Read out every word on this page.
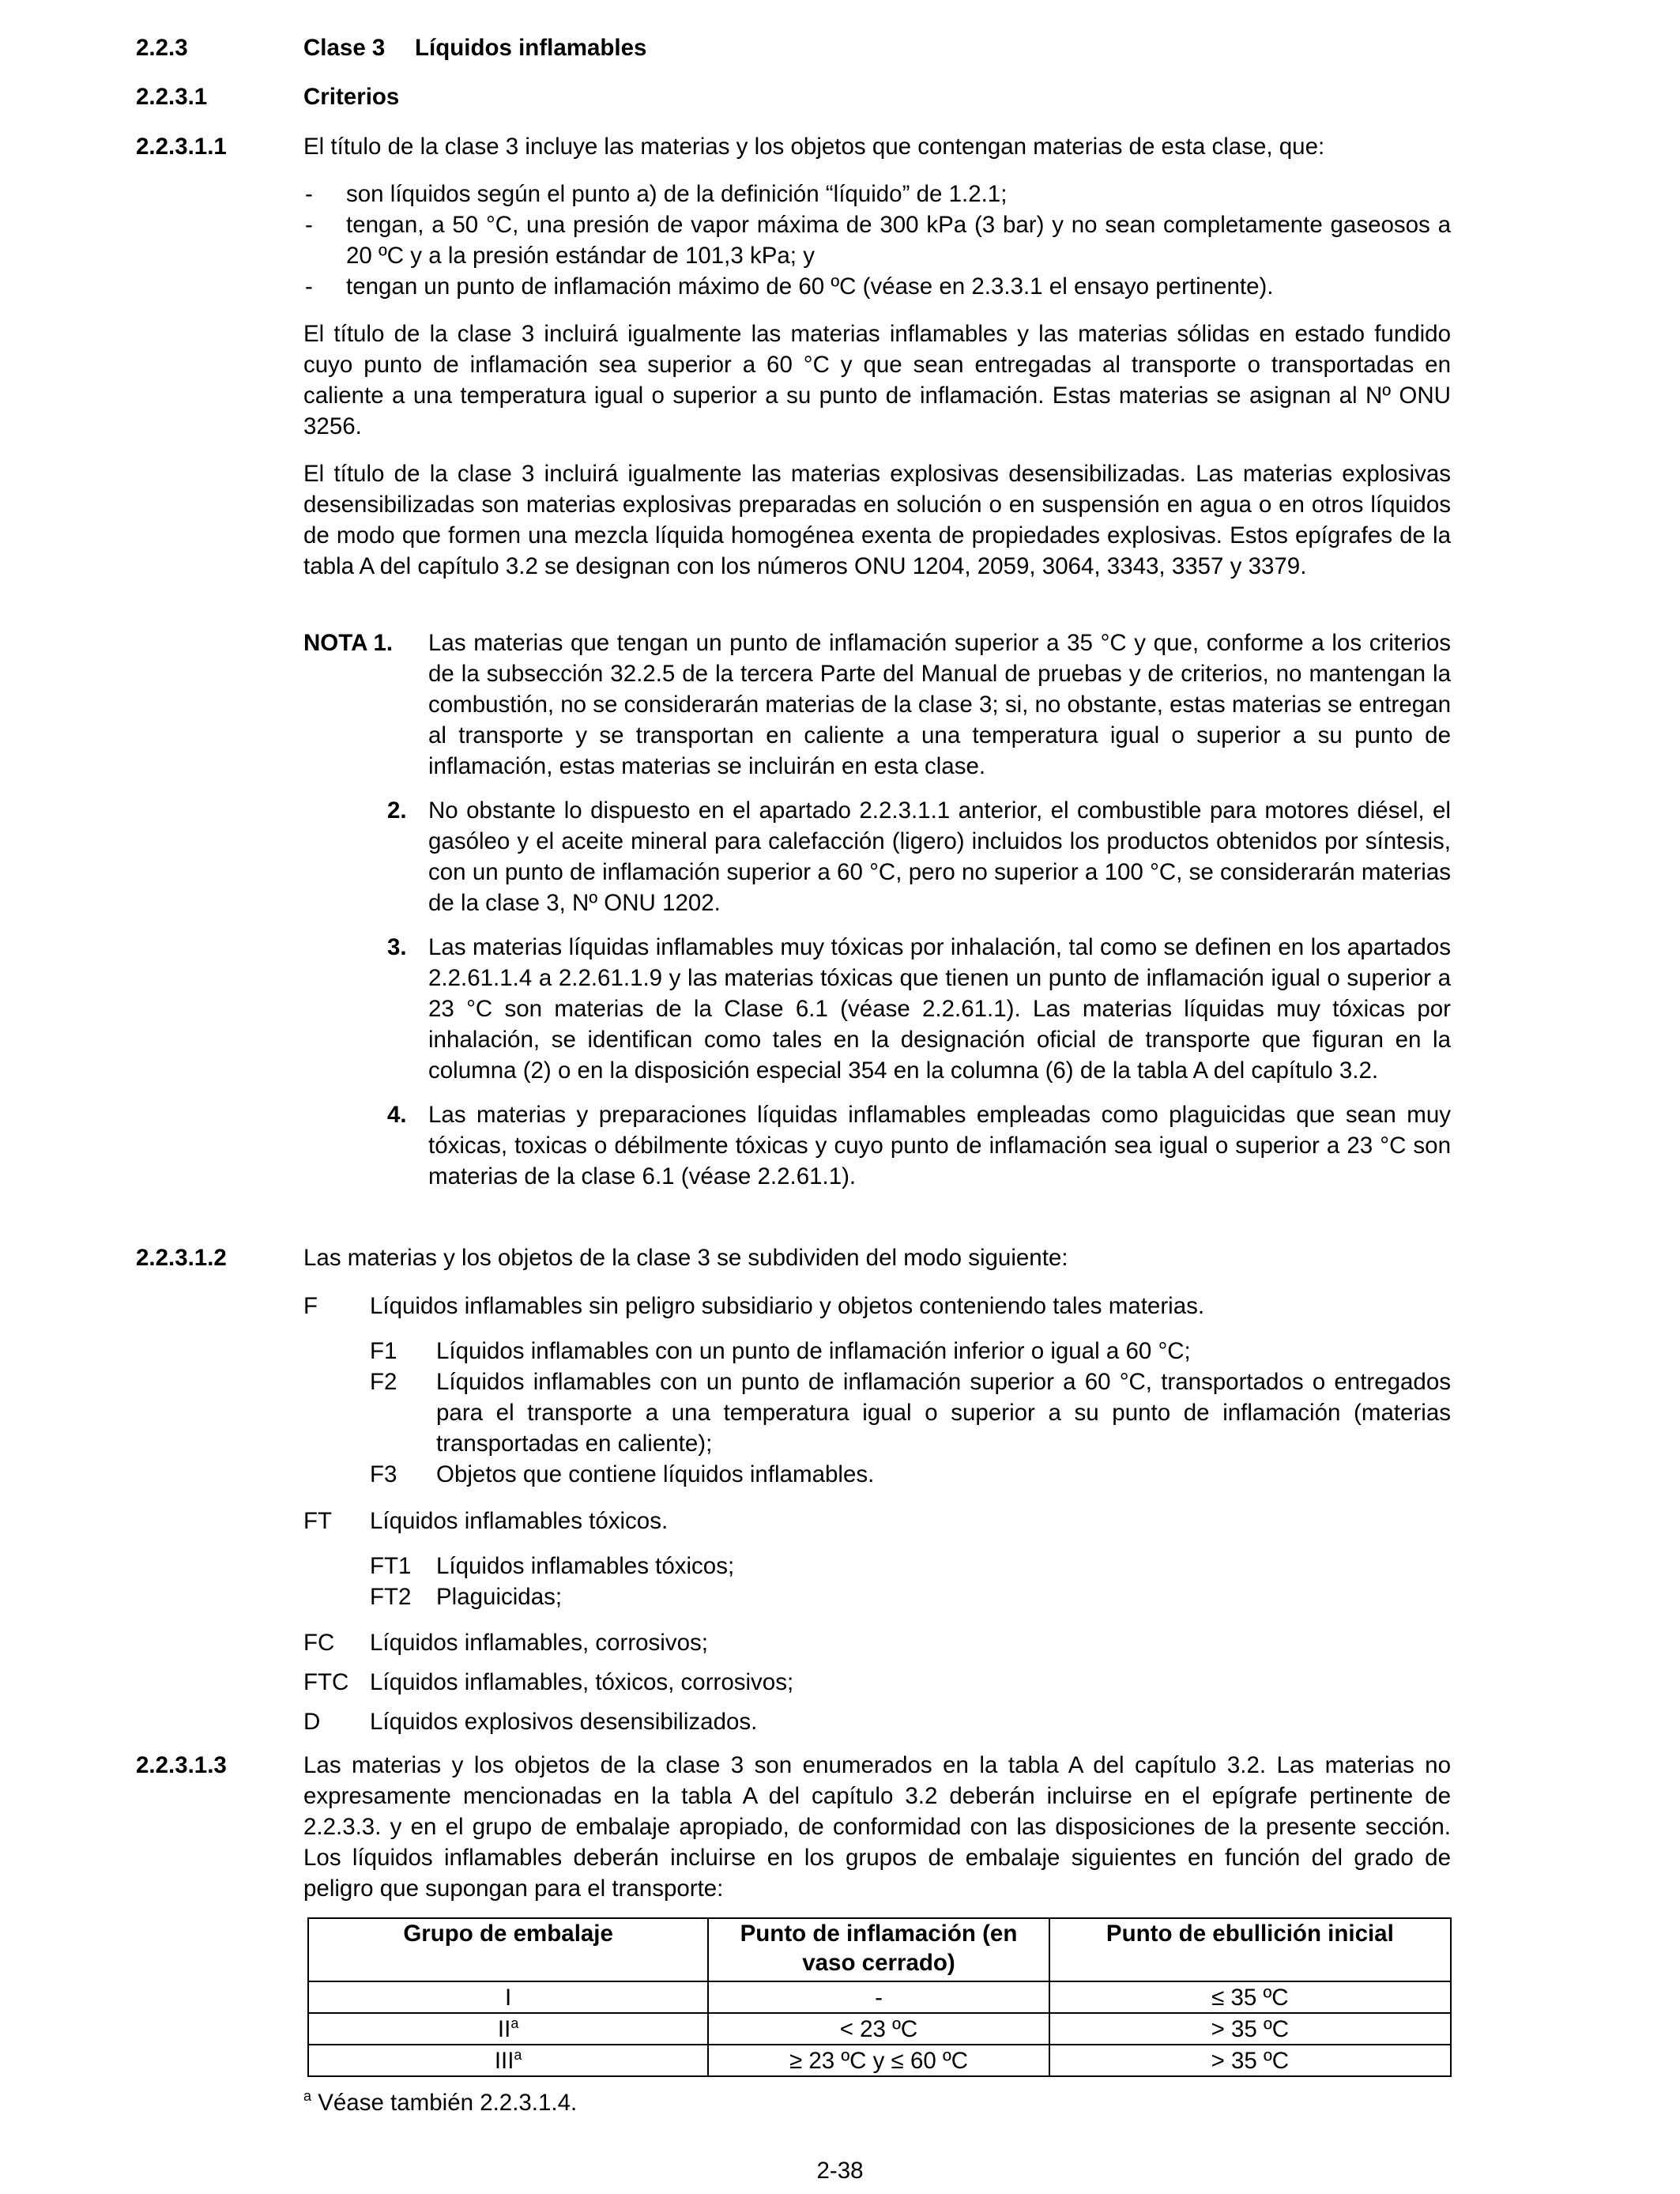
2.2.3	Clase 3  Líquidos inflamables
2.2.3.1	Criterios
2.2.3.1.1	El título de la clase 3 incluye las materias y los objetos que contengan materias de esta clase, que:
- son líquidos según el punto a) de la definición “líquido” de 1.2.1;
- tengan, a 50 °C, una presión de vapor máxima de 300 kPa (3 bar) y no sean completamente gaseosos a 20 ºC y a la presión estándar de 101,3 kPa; y
- tengan un punto de inflamación máximo de 60 ºC (véase en 2.3.3.1 el ensayo pertinente).
El título de la clase 3 incluirá igualmente las materias inflamables y las materias sólidas en estado fundido cuyo punto de inflamación sea superior a 60 °C y que sean entregadas al transporte o transportadas en caliente a una temperatura igual o superior a su punto de inflamación. Estas materias se asignan al Nº ONU 3256.
El título de la clase 3 incluirá igualmente las materias explosivas desensibilizadas. Las materias explosivas desensibilizadas son materias explosivas preparadas en solución o en suspensión en agua o en otros líquidos de modo que formen una mezcla líquida homogénea exenta de propiedades explosivas. Estos epígrafes de la tabla A del capítulo 3.2 se designan con los números ONU 1204, 2059, 3064, 3343, 3357 y 3379.
NOTA 1. Las materias que tengan un punto de inflamación superior a 35 °C y que, conforme a los criterios de la subsección 32.2.5 de la tercera Parte del Manual de pruebas y de criterios, no mantengan la combustión, no se considerarán materias de la clase 3; si, no obstante, estas materias se entregan al transporte y se transportan en caliente a una temperatura igual o superior a su punto de inflamación, estas materias se incluirán en esta clase.
2. No obstante lo dispuesto en el apartado 2.2.3.1.1 anterior, el combustible para motores diésel, el gasóleo y el aceite mineral para calefacción (ligero) incluidos los productos obtenidos por síntesis, con un punto de inflamación superior a 60 °C, pero no superior a 100 °C, se considerarán materias de la clase 3, Nº ONU 1202.
3. Las materias líquidas inflamables muy tóxicas por inhalación, tal como se definen en los apartados 2.2.61.1.4 a 2.2.61.1.9 y las materias tóxicas que tienen un punto de inflamación igual o superior a 23 °C son materias de la Clase 6.1 (véase 2.2.61.1). Las materias líquidas muy tóxicas por inhalación, se identifican como tales en la designación oficial de transporte que figuran en la columna (2) o en la disposición especial 354 en la columna (6) de la tabla A del capítulo 3.2.
4. Las materias y preparaciones líquidas inflamables empleadas como plaguicidas que sean muy tóxicas, toxicas o débilmente tóxicas y cuyo punto de inflamación sea igual o superior a 23 °C son materias de la clase 6.1 (véase 2.2.61.1).
2.2.3.1.2	Las materias y los objetos de la clase 3 se subdividen del modo siguiente:
F Líquidos inflamables sin peligro subsidiario y objetos conteniendo tales materias.
F1 Líquidos inflamables con un punto de inflamación inferior o igual a 60 °C;
F2 Líquidos inflamables con un punto de inflamación superior a 60 °C, transportados o entregados para el transporte a una temperatura igual o superior a su punto de inflamación (materias transportadas en caliente);
F3 Objetos que contiene líquidos inflamables.
FT Líquidos inflamables tóxicos.
FT1 Líquidos inflamables tóxicos;
FT2 Plaguicidas;
FC Líquidos inflamables, corrosivos;
FTC Líquidos inflamables, tóxicos, corrosivos;
D Líquidos explosivos desensibilizados.
2.2.3.1.3	Las materias y los objetos de la clase 3 son enumerados en la tabla A del capítulo 3.2. Las materias no expresamente mencionadas en la tabla A del capítulo 3.2 deberán incluirse en el epígrafe pertinente de 2.2.3.3. y en el grupo de embalaje apropiado, de conformidad con las disposiciones de la presente sección. Los líquidos inflamables deberán incluirse en los grupos de embalaje siguientes en función del grado de peligro que supongan para el transporte:
Grupo de embalaje	Punto de inflamación (en vaso cerrado)	Punto de ebullición inicial
I	-	≤ 35 ºC
$II^a$	< 23 ºC	> 35 ºC
$III^a$	≥ 23 ºC y ≤ 60 ºC	> 35 ºC
$^a$ Véase también 2.2.3.1.4.
2-38
